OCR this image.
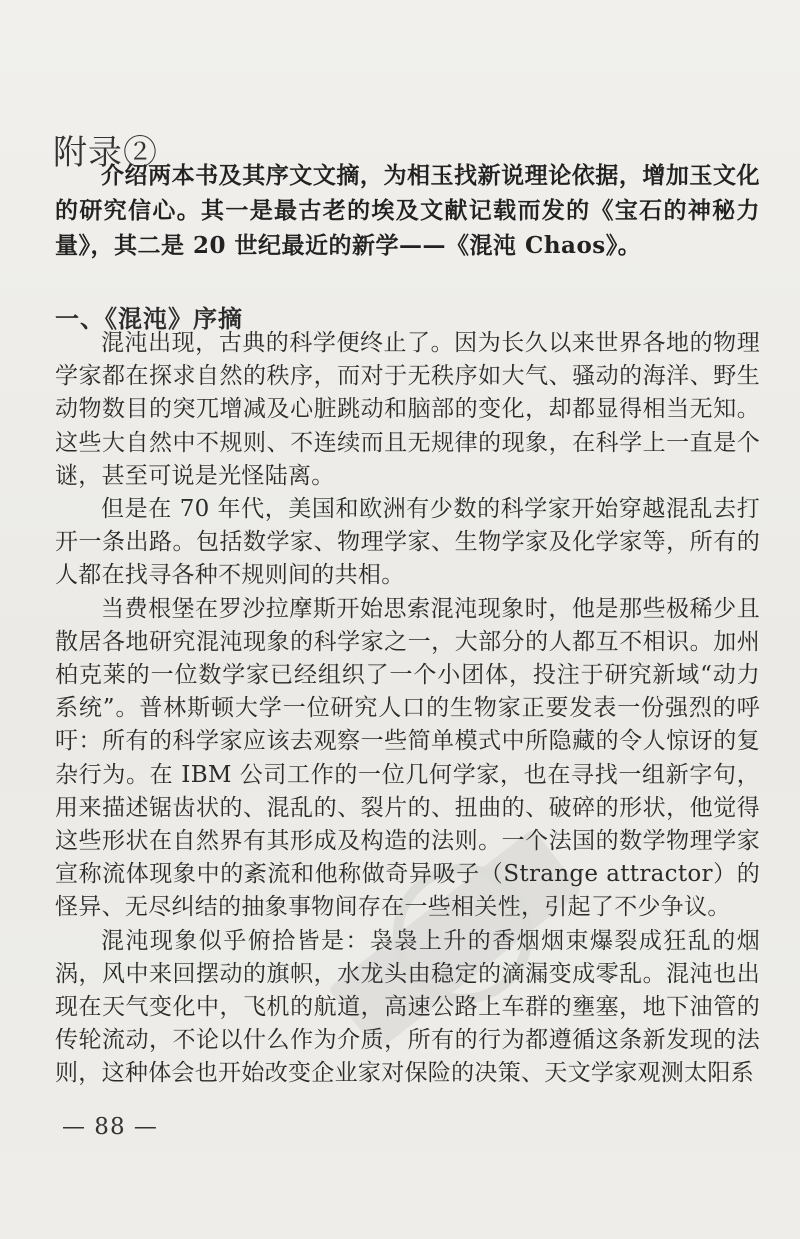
附录②

介绍两本书及其序文文摘，为相玉找新说理论依据，增加玉文化的研究信心。其一是最古老的埃及文献记载而发的《宝石的神秘力量》，其二是 20 世纪最近的新学——《混沌 Chaos》。

一、《混沌》序摘

混沌出现，古典的科学便终止了。因为长久以来世界各地的物理学家都在探求自然的秩序，而对于无秩序如大气、骚动的海洋、野生动物数目的突兀增减及心脏跳动和脑部的变化，却都显得相当无知。这些大自然中不规则、不连续而且无规律的现象，在科学上一直是个谜，甚至可说是光怪陆离。

但是在 70 年代，美国和欧洲有少数的科学家开始穿越混乱去打开一条出路。包括数学家、物理学家、生物学家及化学家等，所有的人都在找寻各种不规则间的共相。

当费根堡在罗沙拉摩斯开始思索混沌现象时，他是那些极稀少且散居各地研究混沌现象的科学家之一，大部分的人都互不相识。加州柏克莱的一位数学家已经组织了一个小团体，投注于研究新域“动力系统”。普林斯顿大学一位研究人口的生物家正要发表一份强烈的呼吁：所有的科学家应该去观察一些简单模式中所隐藏的令人惊讶的复杂行为。在 IBM 公司工作的一位几何学家，也在寻找一组新字句，用来描述锯齿状的、混乱的、裂片的、扭曲的、破碎的形状，他觉得这些形状在自然界有其形成及构造的法则。一个法国的数学物理学家宣称流体现象中的紊流和他称做奇异吸子（Strange attractor）的怪异、无尽纠结的抽象事物间存在一些相关性，引起了不少争议。

混沌现象似乎俯拾皆是：袅袅上升的香烟烟束爆裂成狂乱的烟涡，风中来回摆动的旗帜，水龙头由稳定的滴漏变成零乱。混沌也出现在天气变化中，飞机的航道，高速公路上车群的壅塞，地下油管的传轮流动，不论以什么作为介质，所有的行为都遵循这条新发现的法则，这种体会也开始改变企业家对保险的决策、天文学家观测太阳系

— 88 —
